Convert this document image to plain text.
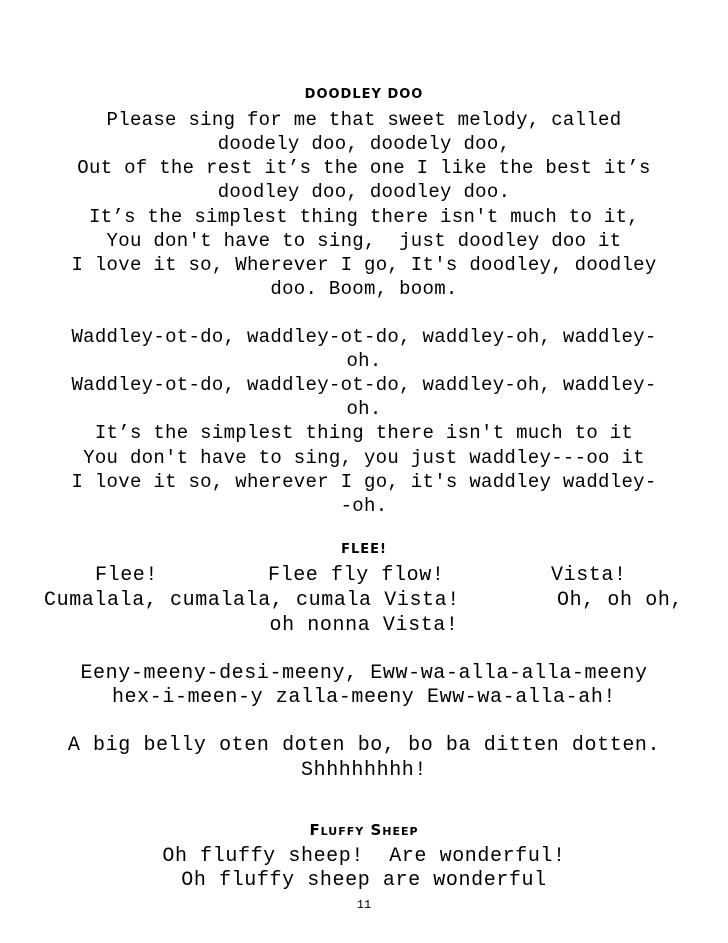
DOODLEY DOO
Please sing for me that sweet melody, called
doodely doo, doodely doo,
Out of the rest it’s the one I like the best it’s
doodley doo, doodley doo.
It’s the simplest thing there isn't much to it,
You don't have to sing,  just doodley doo it
I love it so, Wherever I go, It's doodley, doodley
doo. Boom, boom.
Waddley-ot-do, waddley-ot-do, waddley-oh, waddley-
oh.
Waddley-ot-do, waddley-ot-do, waddley-oh, waddley-
oh.
It’s the simplest thing there isn't much to it
You don't have to sing, you just waddley---oo it
I love it so, wherever I go, it's waddley waddley-
-oh.
FLEE!

Flee!

	Flee fly flow!

	Vista!

Cumalala, cumalala, cumala Vista!

	Oh, oh oh,

oh nonna Vista!
Eeny-meeny-desi-meeny, Eww-wa-alla-alla-meeny
hex-i-meen-y zalla-meeny Eww-wa-alla-ah!
A big belly oten doten bo, bo ba ditten dotten.
Shhhhhhhh!
Fluffy Sheep
Oh fluffy sheep!  Are wonderful!
Oh fluffy sheep are wonderful
11
